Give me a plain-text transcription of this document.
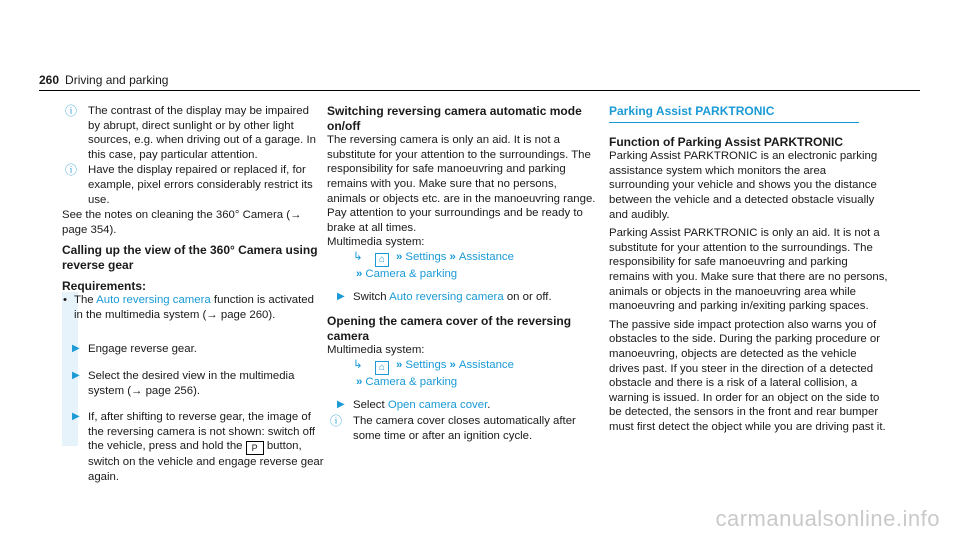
260 Driving and parking
ⓘ The contrast of the display may be impaired by abrupt, direct sunlight or by other light sources, e.g. when driving out of a garage. In this case, pay particular attention.

ⓘ Have the display repaired or replaced if, for example, pixel errors considerably restrict its use.

See the notes on cleaning the 360° Camera (→ page 354).

Calling up the view of the 360° Camera using reverse gear
Requirements:
• The Auto reversing camera function is activated in the multimedia system (→ page 260).
▶ Engage reverse gear.
▶ Select the desired view in the multimedia system (→ page 256).
▶ If, after shifting to reverse gear, the image of the reversing camera is not shown: switch off the vehicle, press and hold the P button, switch on the vehicle and engage reverse gear again.
Switching reversing camera automatic mode on/off

The reversing camera is only an aid. It is not a substitute for your attention to the surroundings. The responsibility for safe manoeuvring and parking remains with you. Make sure that no persons, animals or objects etc. are in the manoeuvring range. Pay attention to your surroundings and be ready to brake at all times.

Multimedia system:

↳ ⌂ » Settings » Assistance
» Camera & parking
▶ Switch Auto reversing camera on or off.
Opening the camera cover of the reversing camera

Multimedia system:

↳ ⌂ » Settings » Assistance
» Camera & parking
▶ Select Open camera cover.
ⓘ The camera cover closes automatically after some time or after an ignition cycle.

Parking Assist PARKTRONIC
Function of Parking Assist PARKTRONIC

Parking Assist PARKTRONIC is an electronic parking assistance system which monitors the area surrounding your vehicle and shows you the distance between the vehicle and a detected obstacle visually and audibly.

Parking Assist PARKTRONIC is only an aid. It is not a substitute for your attention to the surroundings. The responsibility for safe manoeuvring and parking remains with you. Make sure that there are no persons, animals or objects in the manoeuvring area while manoeuvring and parking in/exiting parking spaces.

The passive side impact protection also warns you of obstacles to the side. During the parking procedure or manoeuvring, objects are detected as the vehicle drives past. If you steer in the direction of a detected obstacle and there is a risk of a lateral collision, a warning is issued. In order for an object on the side to be detected, the sensors in the front and rear bumper must first detect the object while you are driving past it.

carmanualsonline.info
